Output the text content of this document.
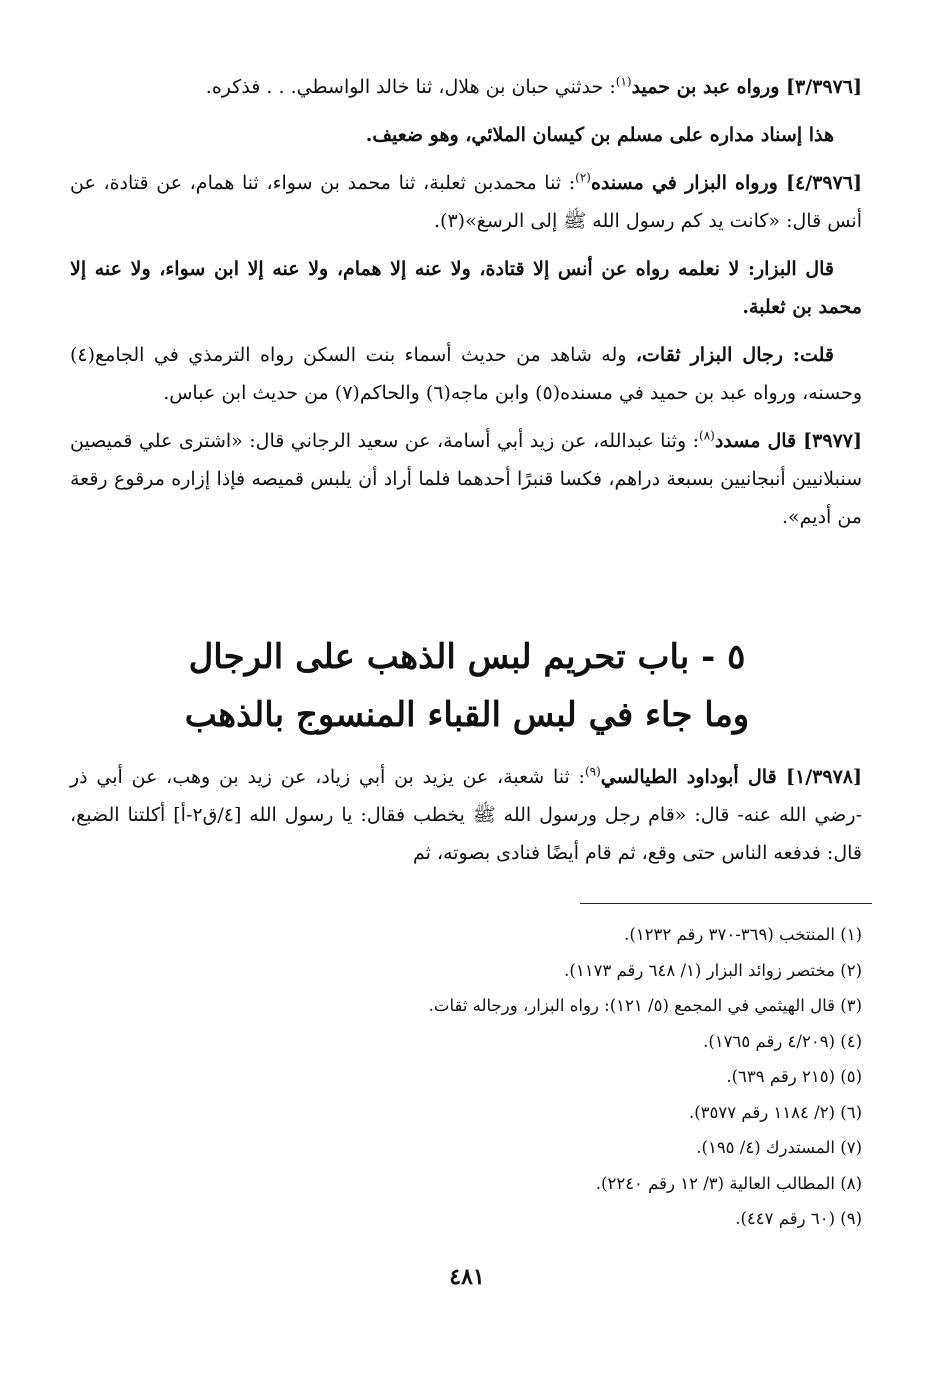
[٣/٣٩٧٦] ورواه عبد بن حميد$^{(١)}$: حدثني حبان بن هلال، ثنا خالد الواسطي. . . فذكره.

هذا إسناد مداره على مسلم بن كيسان الملائي، وهو ضعيف.

[٤/٣٩٧٦] ورواه البزار في مسنده$^{(٢)}$: ثنا محمدبن ثعلبة، ثنا محمد بن سواء، ثنا همام، عن قتادة، عن أنس قال: «كانت يد كم رسول الله ﷺ إلى الرسغ»(٣).

قال البزار: لا نعلمه رواه عن أنس إلا قتادة، ولا عنه إلا همام، ولا عنه إلا ابن سواء، ولا عنه إلا محمد بن ثعلبة.

قلت: رجال البزار ثقات، وله شاهد من حديث أسماء بنت السكن رواه الترمذي في الجامع(٤) وحسنه، ورواه عبد بن حميد في مسنده(٥) وابن ماجه(٦) والحاكم(٧) من حديث ابن عباس.

[٣٩٧٧] قال مسدد$^{(٨)}$: وثنا عبدالله، عن زيد أبي أسامة، عن سعيد الرجاني قال: «اشترى علي قميصين سنبلانيين أنبجانيين بسبعة دراهم، فكسا قنبرًا أحدهما فلما أراد أن يلبس قميصه فإذا إزاره مرقوع رقعة من أديم».

٥ - باب تحريم لبس الذهب على الرجال
وما جاء في لبس القباء المنسوج بالذهب

[١/٣٩٧٨] قال أبوداود الطيالسي$^{(٩)}$: ثنا شعبة، عن يزيد بن أبي زياد، عن زيد بن وهب، عن أبي ذر -رضي الله عنه- قال: «قام رجل ورسول الله ﷺ يخطب فقال: يا رسول الله [٤/ق٢-أ] أكلتنا الضبع، قال: فدفعه الناس حتى وقع، ثم قام أيضًا فنادى بصوته، ثم

(١) المنتخب (٣٦٩-٣٧٠ رقم ١٢٣٢).

(٢) مختصر زوائد البزار (١/ ٦٤٨ رقم ١١٧٣).

(٣) قال الهيثمي في المجمع (٥/ ١٢١): رواه البزار، ورجاله ثقات.

(٤) (٤/٢٠٩ رقم ١٧٦٥).

(٥) (٢١٥ رقم ٦٣٩).

(٦) (٢/ ١١٨٤ رقم ٣٥٧٧).

(٧) المستدرك (٤/ ١٩٥).

(٨) المطالب العالية (٣/ ١٢ رقم ٢٢٤٠).

(٩) (٦٠ رقم ٤٤٧).

٤٨١
